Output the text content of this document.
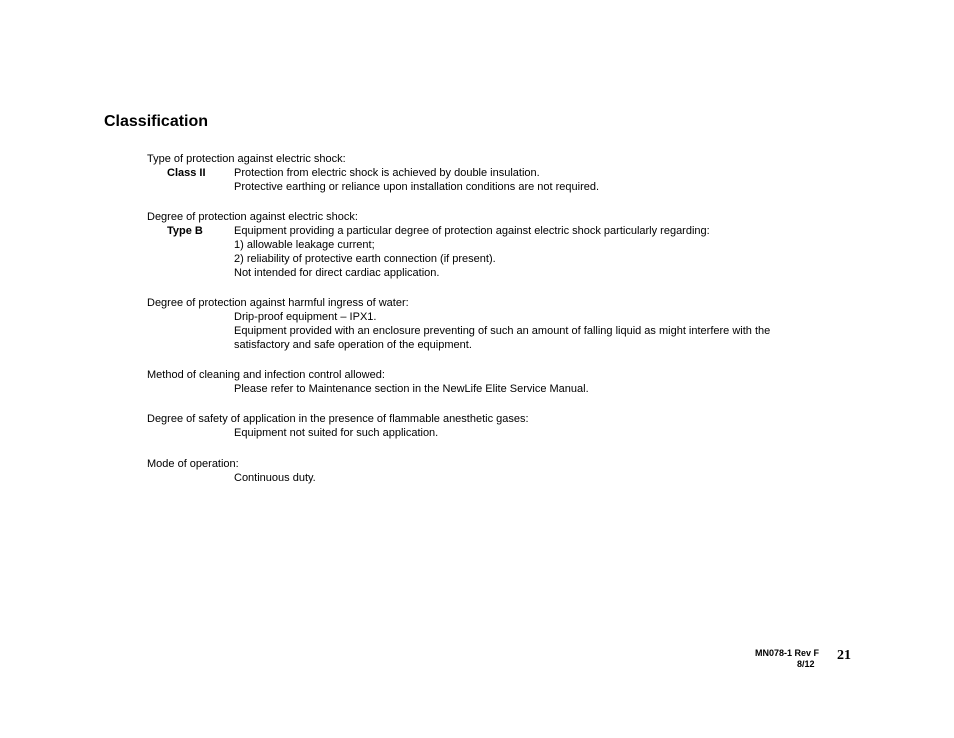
Classification
Type of protection against electric shock:
Class II	Protection from electric shock is achieved by double insulation.
Protective earthing or reliance upon installation conditions are not required.
Degree of protection against electric shock:
Type B	Equipment providing a particular degree of protection against electric shock particularly regarding:
1) allowable leakage current;
2) reliability of protective earth connection (if present).
Not intended for direct cardiac application.
Degree of protection against harmful ingress of water:
Drip-proof equipment – IPX1.
Equipment provided with an enclosure preventing of such an amount of falling liquid as might interfere with the
satisfactory and safe operation of the equipment.
Method of cleaning and infection control allowed:
Please refer to Maintenance section in the NewLife Elite Service Manual.
Degree of safety of application in the presence of flammable anesthetic gases:
Equipment not suited for such application.
Mode of operation:
Continuous duty.
MN078-1 Rev F
8/12
21
